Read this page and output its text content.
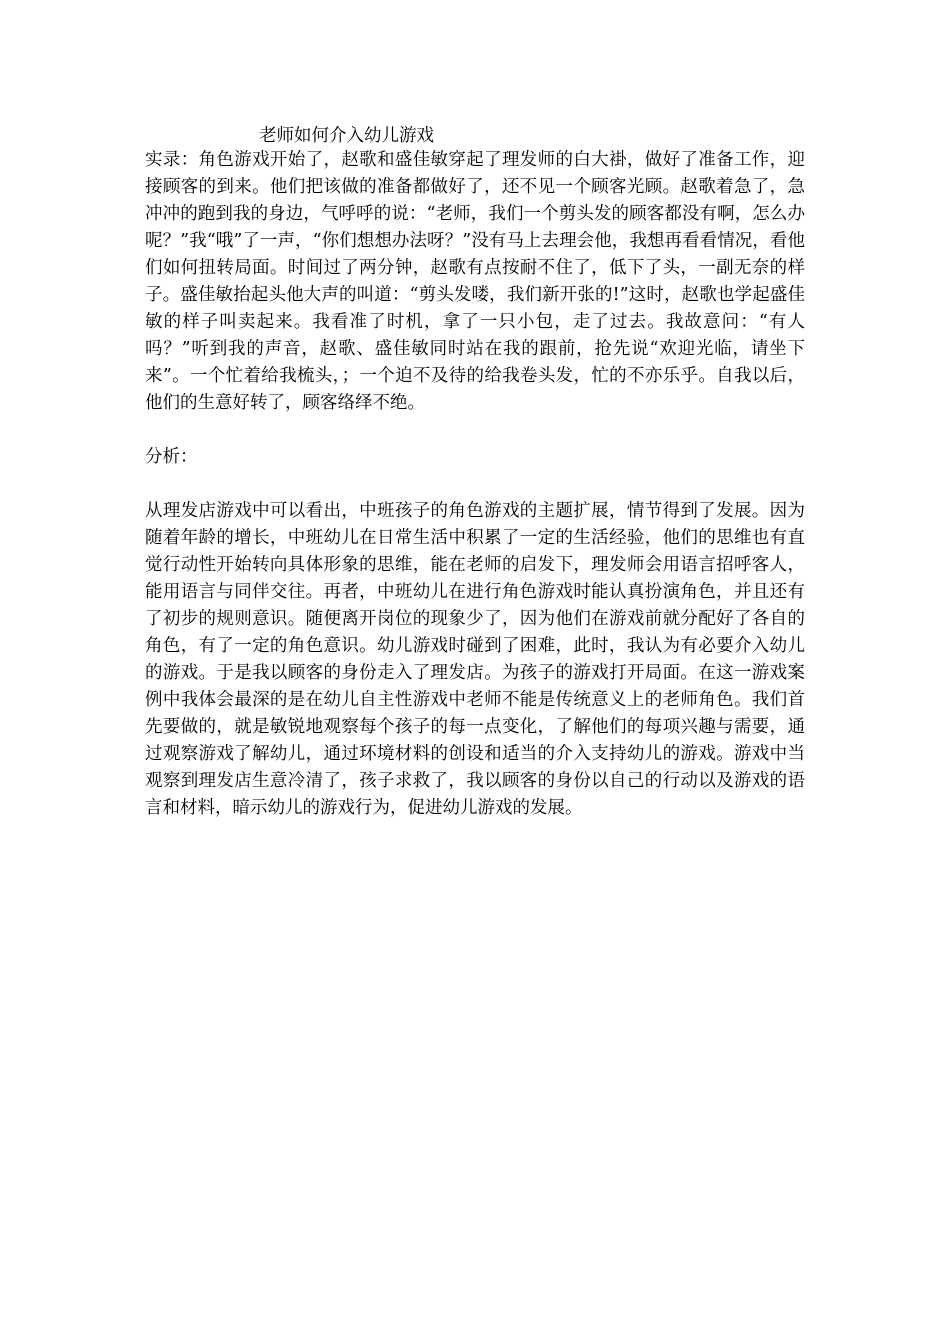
老师如何介入幼儿游戏

实录：角色游戏开始了，赵歌和盛佳敏穿起了理发师的白大褂，做好了准备工作，迎接顾客的到来。他们把该做的准备都做好了，还不见一个顾客光顾。赵歌着急了，急冲冲的跑到我的身边，气呼呼的说：“老师，我们一个剪头发的顾客都没有啊，怎么办呢？”我“哦”了一声，“你们想想办法呀？”没有马上去理会他，我想再看看情况，看他们如何扭转局面。时间过了两分钟，赵歌有点按耐不住了，低下了头，一副无奈的样子。盛佳敏抬起头他大声的叫道：“剪头发喽，我们新开张的!”这时，赵歌也学起盛佳敏的样子叫卖起来。我看准了时机，拿了一只小包，走了过去。我故意问：“有人吗？”听到我的声音，赵歌、盛佳敏同时站在我的跟前，抢先说“欢迎光临，请坐下来”。一个忙着给我梳头，；一个迫不及待的给我卷头发，忙的不亦乐乎。自我以后，他们的生意好转了，顾客络绎不绝。

分析：

从理发店游戏中可以看出，中班孩子的角色游戏的主题扩展，情节得到了发展。因为随着年龄的增长，中班幼儿在日常生活中积累了一定的生活经验，他们的思维也有直觉行动性开始转向具体形象的思维，能在老师的启发下，理发师会用语言招呼客人，能用语言与同伴交往。再者，中班幼儿在进行角色游戏时能认真扮演角色，并且还有了初步的规则意识。随便离开岗位的现象少了，因为他们在游戏前就分配好了各自的角色，有了一定的角色意识。幼儿游戏时碰到了困难，此时，我认为有必要介入幼儿的游戏。于是我以顾客的身份走入了理发店。为孩子的游戏打开局面。在这一游戏案例中我体会最深的是在幼儿自主性游戏中老师不能是传统意义上的老师角色。我们首先要做的，就是敏锐地观察每个孩子的每一点变化，了解他们的每项兴趣与需要，通过观察游戏了解幼儿，通过环境材料的创设和适当的介入支持幼儿的游戏。游戏中当观察到理发店生意冷清了，孩子求救了，我以顾客的身份以自己的行动以及游戏的语言和材料，暗示幼儿的游戏行为，促进幼儿游戏的发展。
